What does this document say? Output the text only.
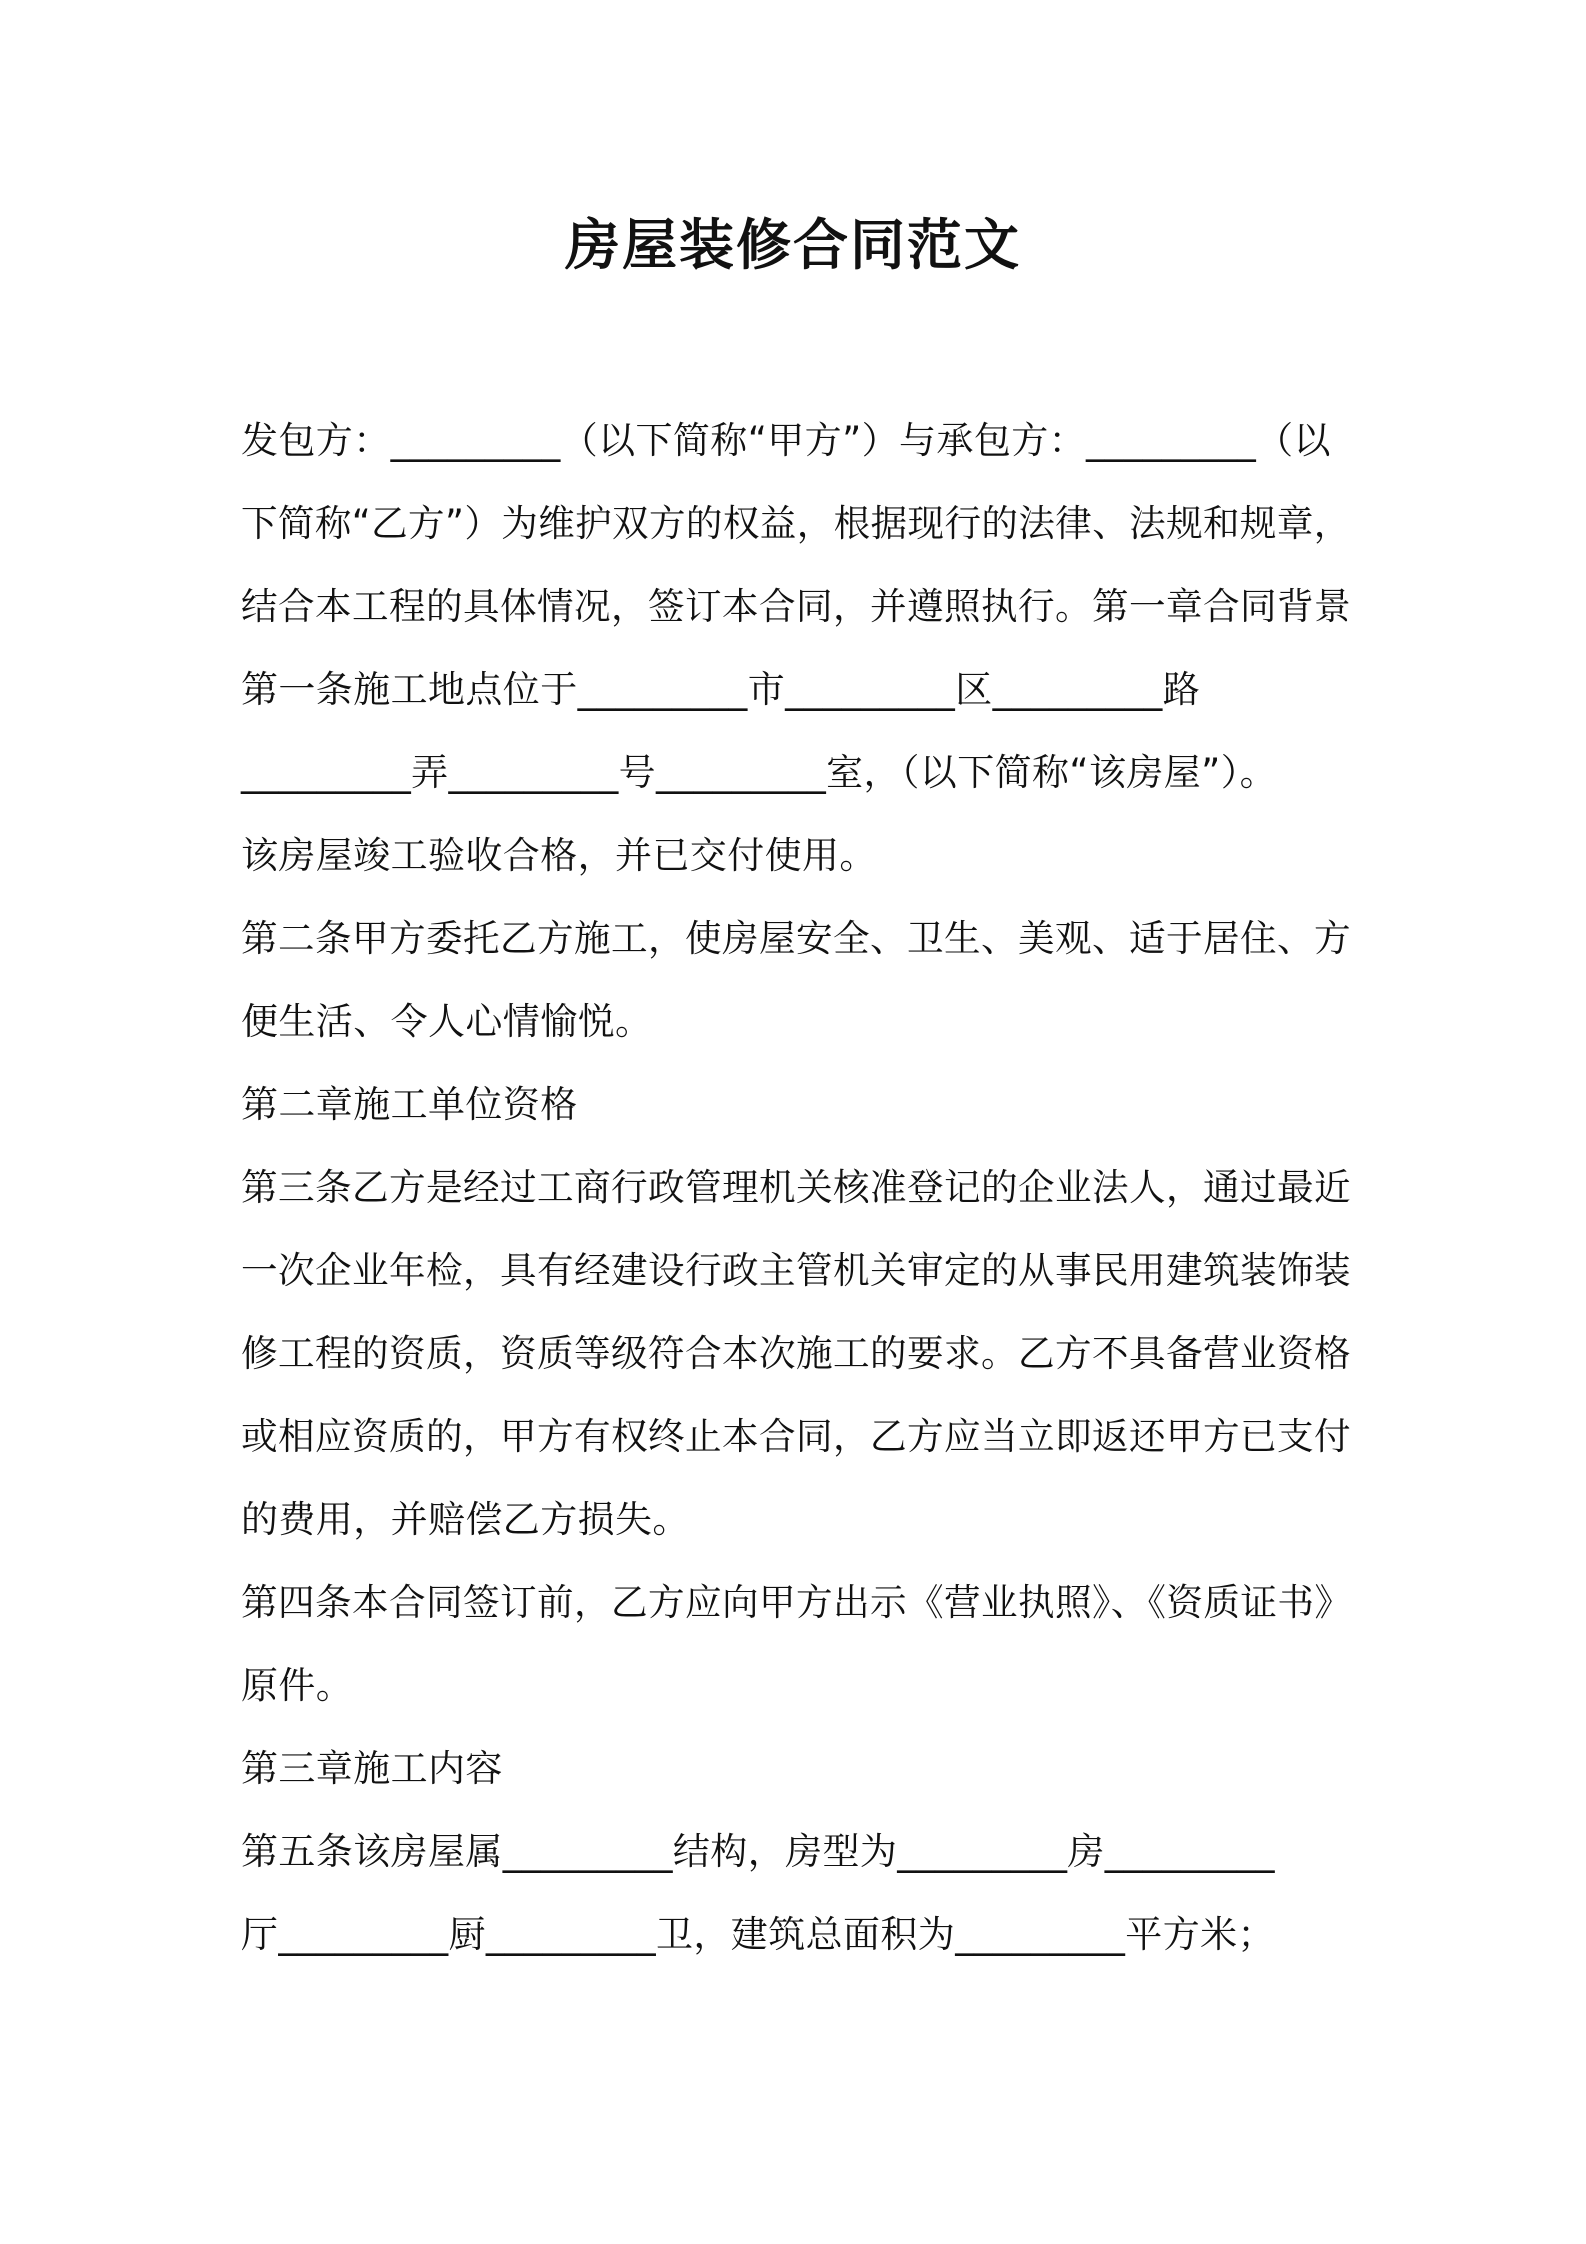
房屋装修合同范文
发包方：_________（以下简称“甲方”）与承包方：_________（以
下简称“乙方”）为维护双方的权益，根据现行的法律、法规和规章，
结合本工程的具体情况，签订本合同，并遵照执行。第一章合同背景
第一条施工地点位于_________市_________区_________路
_________弄_________号_________室，（以下简称“该房屋”）。
该房屋竣工验收合格，并已交付使用。
第二条甲方委托乙方施工，使房屋安全、卫生、美观、适于居住、方
便生活、令人心情愉悦。
第二章施工单位资格
第三条乙方是经过工商行政管理机关核准登记的企业法人，通过最近
一次企业年检，具有经建设行政主管机关审定的从事民用建筑装饰装
修工程的资质，资质等级符合本次施工的要求。乙方不具备营业资格
或相应资质的，甲方有权终止本合同，乙方应当立即返还甲方已支付
的费用，并赔偿乙方损失。
第四条本合同签订前，乙方应向甲方出示《营业执照》、《资质证书》
原件。
第三章施工内容
第五条该房屋属_________结构，房型为_________房_________
厅_________厨_________卫，建筑总面积为_________平方米；
